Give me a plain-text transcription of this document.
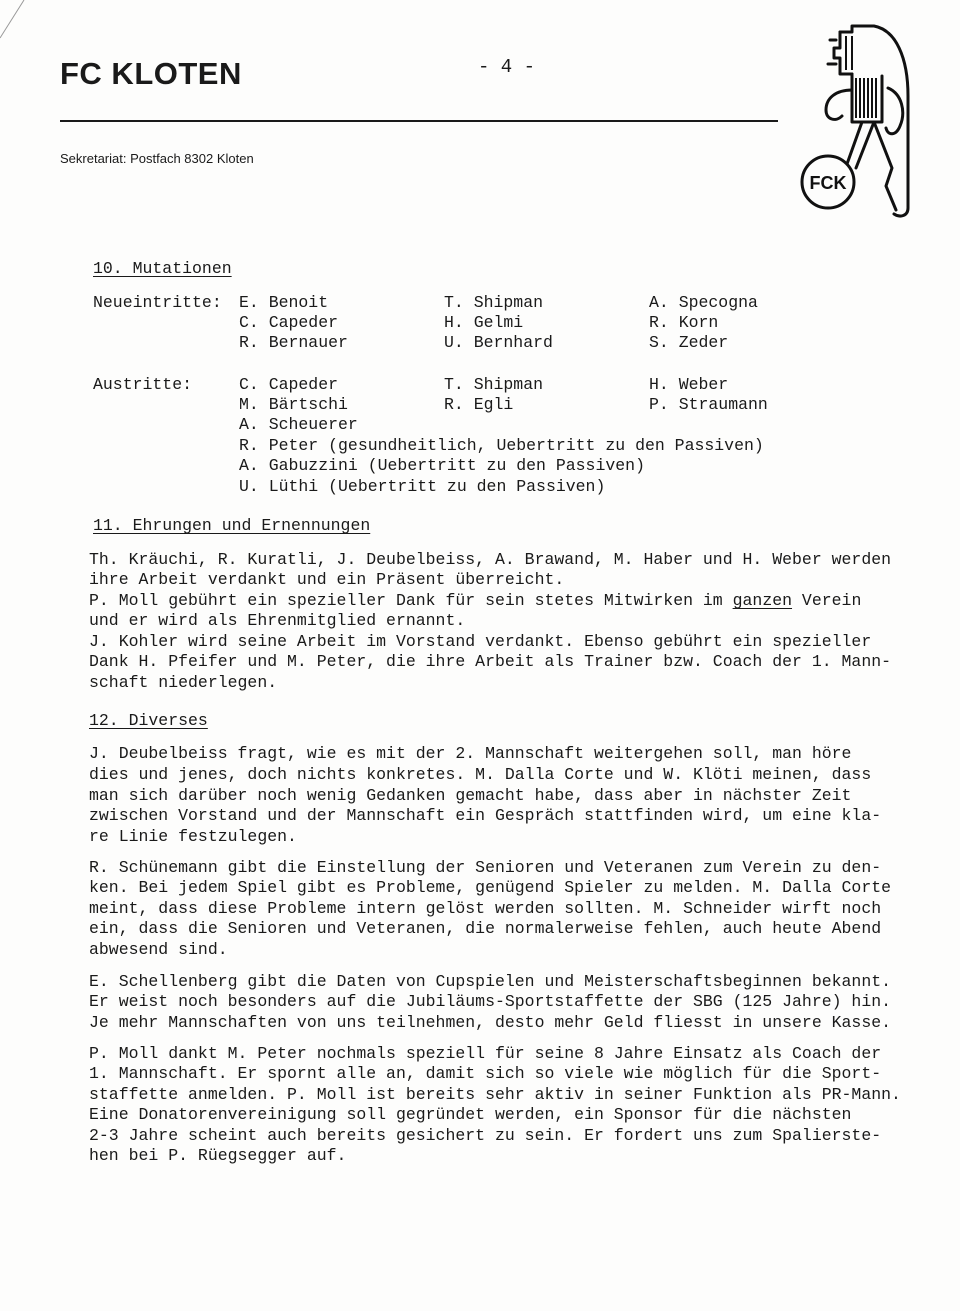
FC KLOTEN	- 4 -
Sekretariat: Postfach 8302 Kloten
FCK
10. Mutationen
Neueintritte: E. Benoit	T. Shipman	A. Specogna
C. Capeder	H. Gelmi	R. Korn
R. Bernauer	U. Bernhard	S. Zeder
Austritte:	C. Capeder	T. Shipman	H. Weber
M. Bärtschi	R. Egli	P. Straumann
A. Scheuerer
R. Peter (gesundheitlich, Uebertritt zu den Passiven)
A. Gabuzzini (Uebertritt zu den Passiven)
U. Lüthi (Uebertritt zu den Passiven)
11. Ehrungen und Ernennungen
Th. Kräuchi, R. Kuratli, J. Deubelbeiss, A. Brawand, M. Haber und H. Weber werden
ihre Arbeit verdankt und ein Präsent überreicht.
P. Moll gebührt ein spezieller Dank für sein stetes Mitwirken im ganzen Verein
und er wird als Ehrenmitglied ernannt.
J. Kohler wird seine Arbeit im Vorstand verdankt. Ebenso gebührt ein spezieller
Dank H. Pfeifer und M. Peter, die ihre Arbeit als Trainer bzw. Coach der 1. Mann-
schaft niederlegen.
12. Diverses
J. Deubelbeiss fragt, wie es mit der 2. Mannschaft weitergehen soll, man höre
dies und jenes, doch nichts konkretes. M. Dalla Corte und W. Klöti meinen, dass
man sich darüber noch wenig Gedanken gemacht habe, dass aber in nächster Zeit
zwischen Vorstand und der Mannschaft ein Gespräch stattfinden wird, um eine kla-
re Linie festzulegen.
R. Schünemann gibt die Einstellung der Senioren und Veteranen zum Verein zu den-
ken. Bei jedem Spiel gibt es Probleme, genügend Spieler zu melden. M. Dalla Corte
meint, dass diese Probleme intern gelöst werden sollten. M. Schneider wirft noch
ein, dass die Senioren und Veteranen, die normalerweise fehlen, auch heute Abend
abwesend sind.
E. Schellenberg gibt die Daten von Cupspielen und Meisterschaftsbeginnen bekannt.
Er weist noch besonders auf die Jubiläums-Sportstaffette der SBG (125 Jahre) hin.
Je mehr Mannschaften von uns teilnehmen, desto mehr Geld fliesst in unsere Kasse.
P. Moll dankt M. Peter nochmals speziell für seine 8 Jahre Einsatz als Coach der
1. Mannschaft. Er spornt alle an, damit sich so viele wie möglich für die Sport-
staffette anmelden. P. Moll ist bereits sehr aktiv in seiner Funktion als PR-Mann.
Eine Donatorenvereinigung soll gegründet werden, ein Sponsor für die nächsten
2-3 Jahre scheint auch bereits gesichert zu sein. Er fordert uns zum Spalierste-
hen bei P. Rüegsegger auf.
